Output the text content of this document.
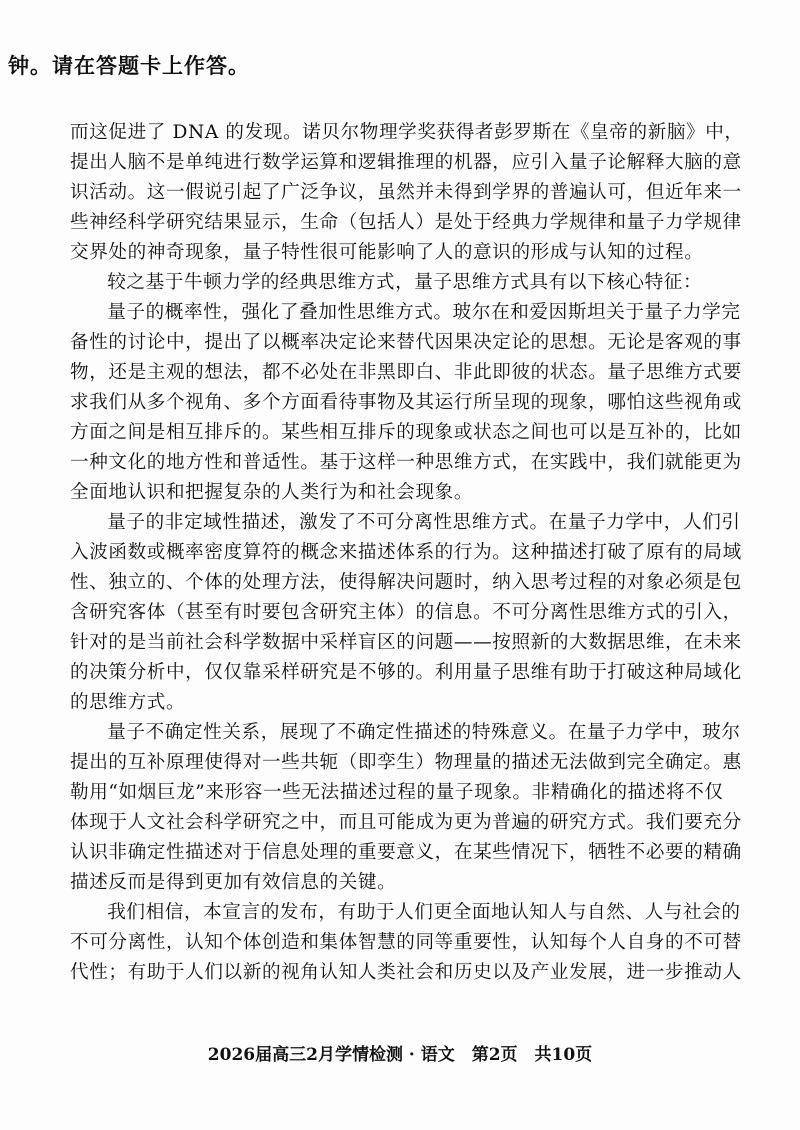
钟。请在答题卡上作答。
而这促进了 DNA 的发现。诺贝尔物理学奖获得者彭罗斯在《皇帝的新脑》中，
提出人脑不是单纯进行数学运算和逻辑推理的机器，应引入量子论解释大脑的意
识活动。这一假说引起了广泛争议，虽然并未得到学界的普遍认可，但近年来一
些神经科学研究结果显示，生命（包括人）是处于经典力学规律和量子力学规律
交界处的神奇现象，量子特性很可能影响了人的意识的形成与认知的过程。
较之基于牛顿力学的经典思维方式，量子思维方式具有以下核心特征：
量子的概率性，强化了叠加性思维方式。玻尔在和爱因斯坦关于量子力学完
备性的讨论中，提出了以概率决定论来替代因果决定论的思想。无论是客观的事
物，还是主观的想法，都不必处在非黑即白、非此即彼的状态。量子思维方式要
求我们从多个视角、多个方面看待事物及其运行所呈现的现象，哪怕这些视角或
方面之间是相互排斥的。某些相互排斥的现象或状态之间也可以是互补的，比如
一种文化的地方性和普适性。基于这样一种思维方式，在实践中，我们就能更为
全面地认识和把握复杂的人类行为和社会现象。
量子的非定域性描述，激发了不可分离性思维方式。在量子力学中，人们引
入波函数或概率密度算符的概念来描述体系的行为。这种描述打破了原有的局域
性、独立的、个体的处理方法，使得解决问题时，纳入思考过程的对象必须是包
含研究客体（甚至有时要包含研究主体）的信息。不可分离性思维方式的引入，
针对的是当前社会科学数据中采样盲区的问题——按照新的大数据思维，在未来
的决策分析中，仅仅靠采样研究是不够的。利用量子思维有助于打破这种局域化
的思维方式。
量子不确定性关系，展现了不确定性描述的特殊意义。在量子力学中，玻尔
提出的互补原理使得对一些共轭（即孪生）物理量的描述无法做到完全确定。惠
勒用“如烟巨龙”来形容一些无法描述过程的量子现象。非精确化的描述将不仅
体现于人文社会科学研究之中，而且可能成为更为普遍的研究方式。我们要充分
认识非确定性描述对于信息处理的重要意义，在某些情况下，牺牲不必要的精确
描述反而是得到更加有效信息的关键。
我们相信，本宣言的发布，有助于人们更全面地认知人与自然、人与社会的
不可分离性，认知个体创造和集体智慧的同等重要性，认知每个人自身的不可替
代性；有助于人们以新的视角认知人类社会和历史以及产业发展，进一步推动人
2026届高三2月学情检测 · 语文　第2页　共10页
